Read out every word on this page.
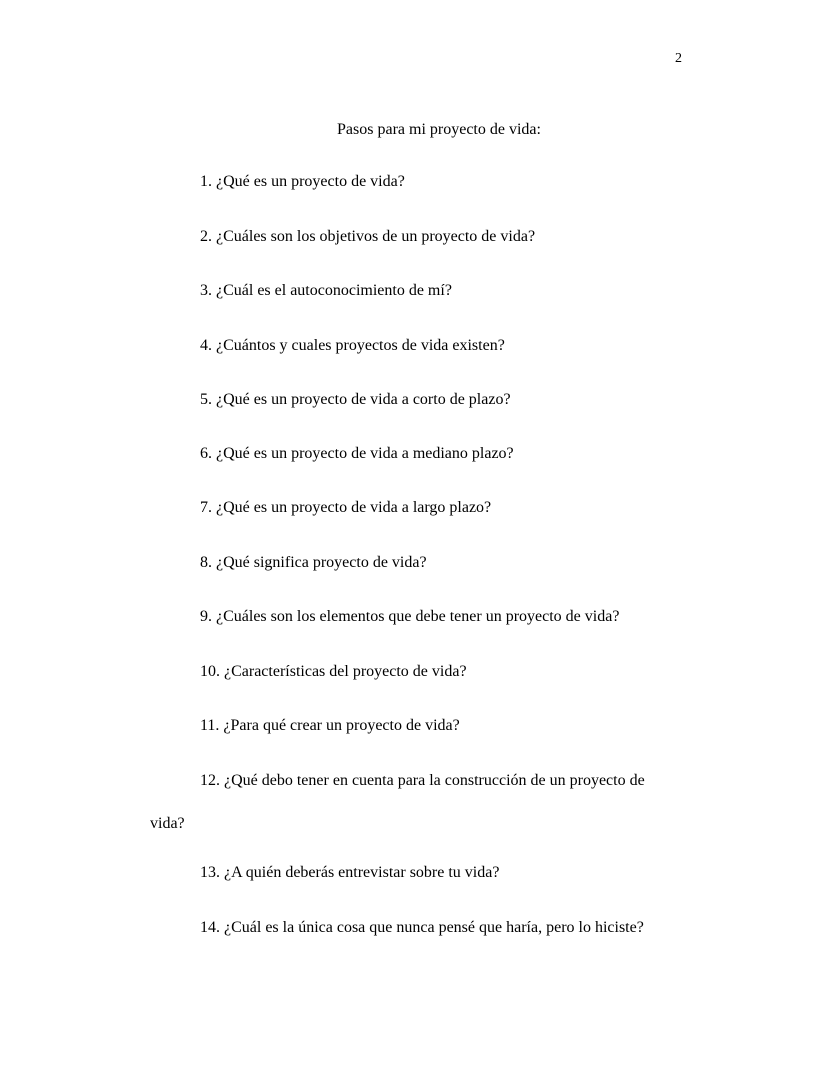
2
Pasos para mi proyecto de vida:
1. ¿Qué es un proyecto de vida?
2. ¿Cuáles son los objetivos de un proyecto de vida?
3. ¿Cuál es el autoconocimiento de mí?
4. ¿Cuántos y cuales proyectos de vida existen?
5. ¿Qué es un proyecto de vida a corto de plazo?
6. ¿Qué es un proyecto de vida a mediano plazo?
7. ¿Qué es un proyecto de vida a largo plazo?
8. ¿Qué significa proyecto de vida?
9. ¿Cuáles son los elementos que debe tener un proyecto de vida?
10. ¿Características del proyecto de vida?
11. ¿Para qué crear un proyecto de vida?
12. ¿Qué debo tener en cuenta para la construcción de un proyecto de
vida?
13. ¿A quién deberás entrevistar sobre tu vida?
14. ¿Cuál es la única cosa que nunca pensé que haría, pero lo hiciste?
